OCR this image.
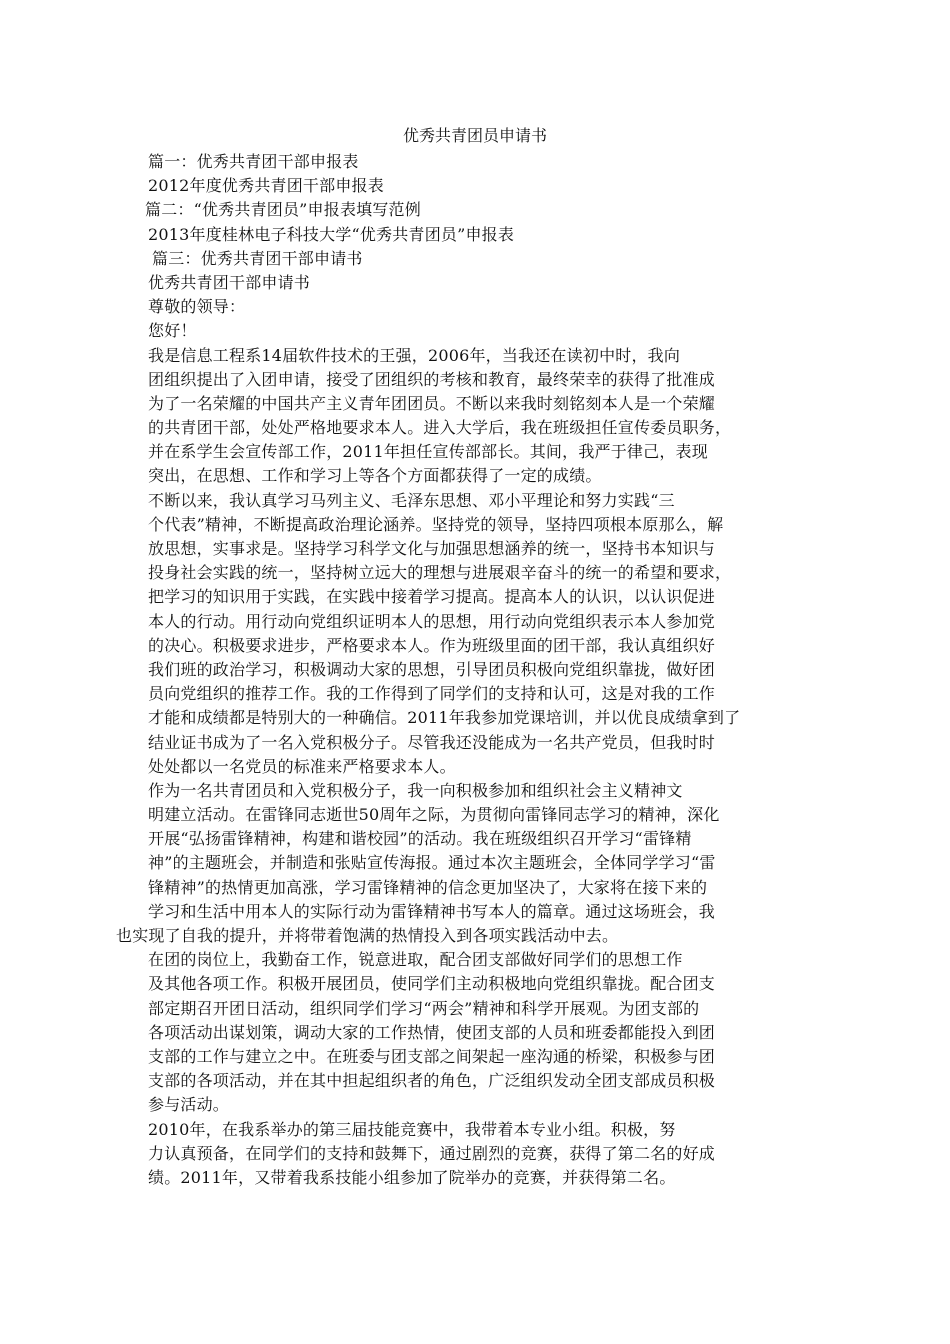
优秀共青团员申请书
篇一：优秀共青团干部申报表
2012年度优秀共青团干部申报表
篇二：“优秀共青团员”申报表填写范例
2013年度桂林电子科技大学“优秀共青团员”申报表
篇三：优秀共青团干部申请书
优秀共青团干部申请书
尊敬的领导：
您好！
我是信息工程系14届软件技术的王强，2006年，当我还在读初中时，我向
团组织提出了入团申请，接受了团组织的考核和教育，最终荣幸的获得了批准成
为了一名荣耀的中国共产主义青年团团员。不断以来我时刻铭刻本人是一个荣耀
的共青团干部，处处严格地要求本人。进入大学后，我在班级担任宣传委员职务，
并在系学生会宣传部工作，2011年担任宣传部部长。其间，我严于律己，表现
突出，在思想、工作和学习上等各个方面都获得了一定的成绩。
不断以来，我认真学习马列主义、毛泽东思想、邓小平理论和努力实践“三
个代表”精神，不断提高政治理论涵养。坚持党的领导，坚持四项根本原那么，解
放思想，实事求是。坚持学习科学文化与加强思想涵养的统一，坚持书本知识与
投身社会实践的统一，坚持树立远大的理想与进展艰辛奋斗的统一的希望和要求，
把学习的知识用于实践，在实践中接着学习提高。提高本人的认识，以认识促进
本人的行动。用行动向党组织证明本人的思想，用行动向党组织表示本人参加党
的决心。积极要求进步，严格要求本人。作为班级里面的团干部，我认真组织好
我们班的政治学习，积极调动大家的思想，引导团员积极向党组织靠拢，做好团
员向党组织的推荐工作。我的工作得到了同学们的支持和认可，这是对我的工作
才能和成绩都是特别大的一种确信。2011年我参加党课培训，并以优良成绩拿到了
结业证书成为了一名入党积极分子。尽管我还没能成为一名共产党员，但我时时
处处都以一名党员的标准来严格要求本人。
作为一名共青团员和入党积极分子，我一向积极参加和组织社会主义精神文
明建立活动。在雷锋同志逝世50周年之际，为贯彻向雷锋同志学习的精神，深化
开展“弘扬雷锋精神，构建和谐校园”的活动。我在班级组织召开学习“雷锋精
神”的主题班会，并制造和张贴宣传海报。通过本次主题班会，全体同学学习“雷
锋精神”的热情更加高涨，学习雷锋精神的信念更加坚决了，大家将在接下来的
学习和生活中用本人的实际行动为雷锋精神书写本人的篇章。通过这场班会，我
也实现了自我的提升，并将带着饱满的热情投入到各项实践活动中去。
在团的岗位上，我勤奋工作，锐意进取，配合团支部做好同学们的思想工作
及其他各项工作。积极开展团员，使同学们主动积极地向党组织靠拢。配合团支
部定期召开团日活动，组织同学们学习“两会”精神和科学开展观。为团支部的
各项活动出谋划策，调动大家的工作热情，使团支部的人员和班委都能投入到团
支部的工作与建立之中。在班委与团支部之间架起一座沟通的桥梁，积极参与团
支部的各项活动，并在其中担起组织者的角色，广泛组织发动全团支部成员积极
参与活动。
2010年，在我系举办的第三届技能竞赛中，我带着本专业小组。积极，努
力认真预备，在同学们的支持和鼓舞下，通过剧烈的竞赛，获得了第二名的好成
绩。2011年，又带着我系技能小组参加了院举办的竞赛，并获得第二名。
